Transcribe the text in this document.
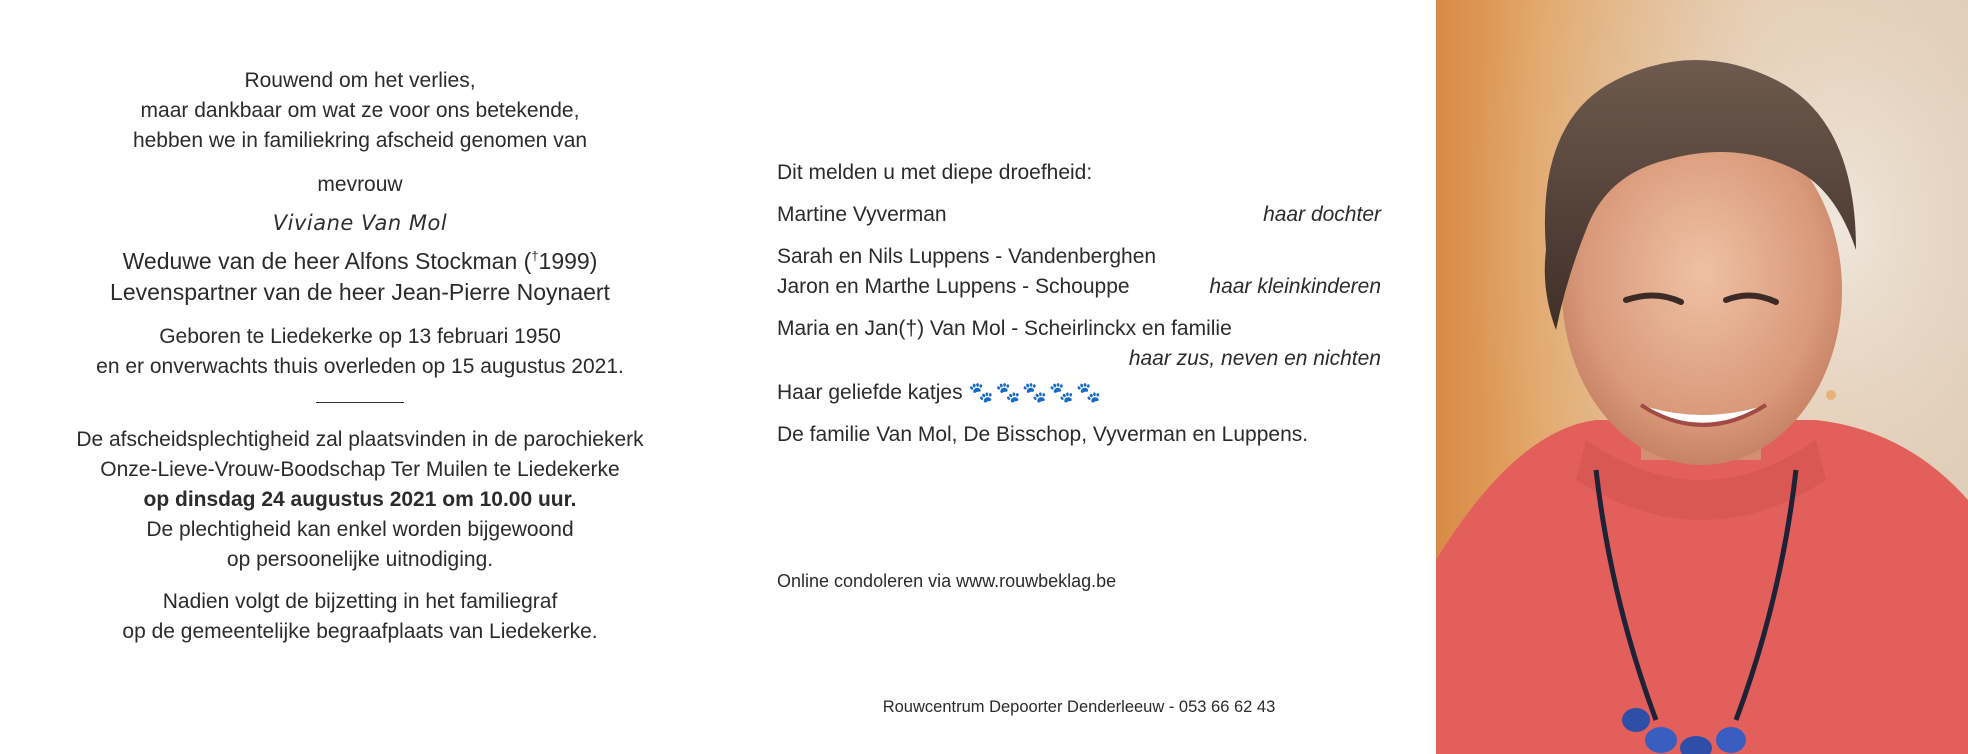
Rouwend om het verlies,

maar dankbaar om wat ze voor ons betekende,

hebben we in familiekring afscheid genomen van

mevrouw

Viviane Van Mol

Weduwe van de heer Alfons Stockman (†1999)

Levenspartner van de heer Jean-Pierre Noynaert

Geboren te Liedekerke op 13 februari 1950

en er onverwachts thuis overleden op 15 augustus 2021.

De afscheidsplechtigheid zal plaatsvinden in de parochiekerk

Onze-Lieve-Vrouw-Boodschap Ter Muilen te Liedekerke

op dinsdag 24 augustus 2021 om 10.00 uur.

De plechtigheid kan enkel worden bijgewoond

op persoonelijke uitnodiging.

Nadien volgt de bijzetting in het familiegraf

op de gemeentelijke begraafplaats van Liedekerke.

Dit melden u met diepe droefheid:
Martine Vyverman	haar dochter
Sarah en Nils Luppens - Vandenberghen
Jaron en Marthe Luppens - Schouppe	haar kleinkinderen
Maria en Jan(†) Van Mol - Scheirlinckx en familie
haar zus, neven en nichten
Haar geliefde katjes 🐾🐾🐾🐾🐾
De familie Van Mol, De Bisschop, Vyverman en Luppens.
Online condoleren via www.rouwbeklag.be
Rouwcentrum Depoorter Denderleeuw - 053 66 62 43
